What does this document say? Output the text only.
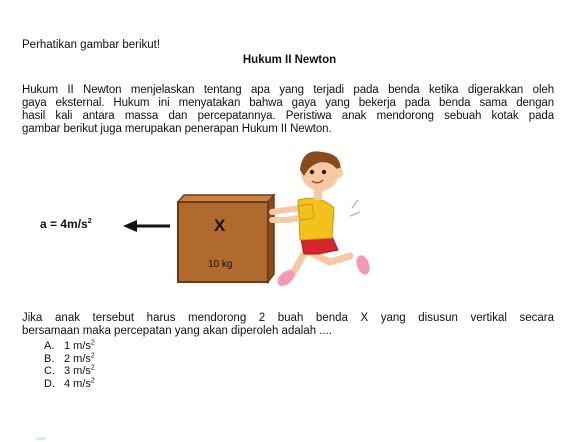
Perhatikan gambar berikut!
Hukum II Newton
Hukum II Newton menjelaskan tentang apa yang terjadi pada benda ketika digerakkan oleh
gaya eksternal. Hukum ini menyatakan bahwa gaya yang bekerja pada benda sama dengan
hasil kali antara massa dan percepatannya. Peristiwa anak mendorong sebuah kotak pada
gambar berikut juga merupakan penerapan Hukum II Newton.
$a = 4m/s^2$	X
10 kg
Jika anak tersebut harus mendorong 2 buah benda X yang disusun vertikal secara
bersamaan maka percepatan yang akan diperoleh adalah ....
A. 1 $m/s^2$
B. 2 $m/s^2$
C. 3 $m/s^2$
D. 4 $m/s^2$
